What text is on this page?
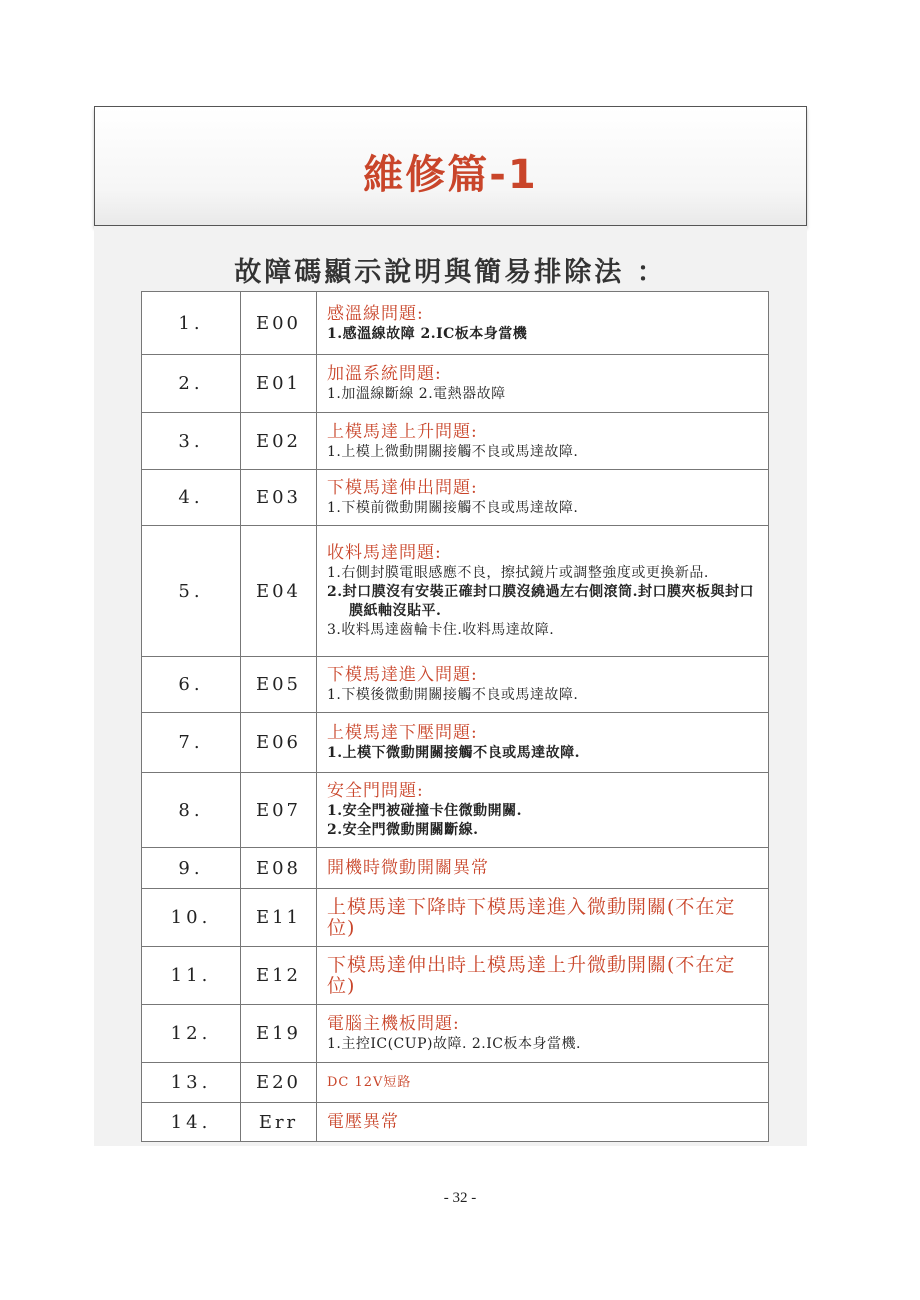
維修篇-1
故障碼顯示說明與簡易排除法 ：
1.	E00	感溫線問題:
1.感溫線故障 2.IC板本身當機

2.	E01	加溫系統問題:
1.加溫線斷線 2.電熱器故障

3.	E02	上模馬達上升問題:
1.上模上微動開關接觸不良或馬達故障.

4.	E03	下模馬達伸出問題:
1.下模前微動開關接觸不良或馬達故障.

5.	E04	收料馬達問題:
1.右側封膜電眼感應不良，擦拭鏡片或調整強度或更換新品.
2.封口膜沒有安裝正確封口膜沒繞過左右側滾筒.封口膜夾板與封口膜紙軸沒貼平.
3.收料馬達齒輪卡住.收料馬達故障.

6.	E05	下模馬達進入問題:
1.下模後微動開關接觸不良或馬達故障.

7.	E06	上模馬達下壓問題:
1.上模下微動開關接觸不良或馬達故障.

8.	E07	安全門問題:
1.安全門被碰撞卡住微動開關.
2.安全門微動開關斷線.

9.	E08	開機時微動開關異常

10.	E11	上模馬達下降時下模馬達進入微動開關(不在定位)

11.	E12	下模馬達伸出時上模馬達上升微動開關(不在定位)

12.	E19	電腦主機板問題:
1.主控IC(CUP)故障. 2.IC板本身當機.

13.	E20	DC 12V短路

14.	Err	電壓異常
- 32 -
